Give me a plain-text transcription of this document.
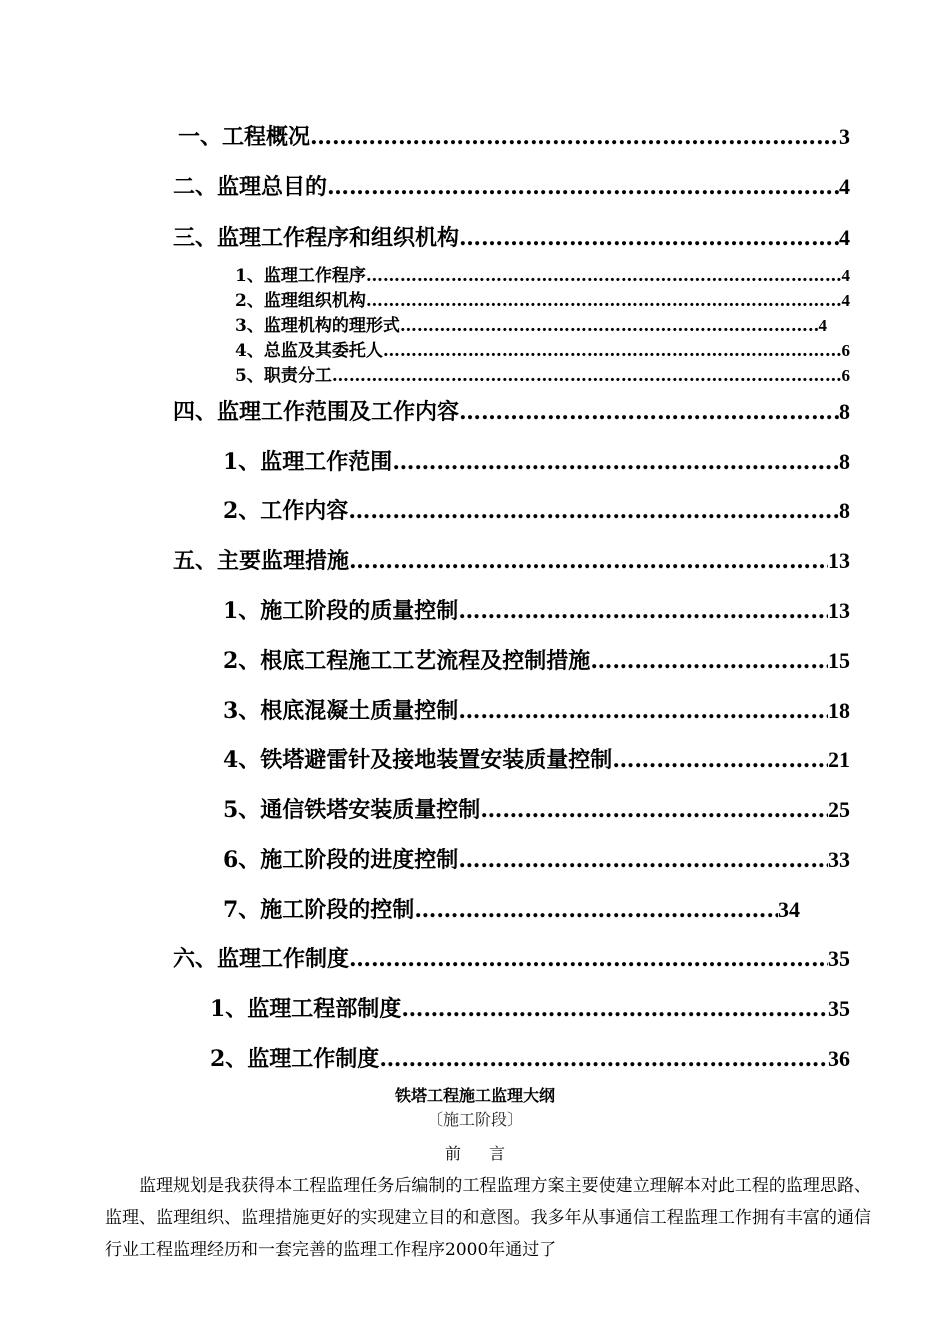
一、工程概况 ……………………………………………………………………………………………………………………………………………………………………………………………………	3
二、监理总目的 ……………………………………………………………………………………………………………………………………………………………………………………………………	4
三、监理工作程序和组织机构 ……………………………………………………………………………………………………………………………………………………………………………………………………	4
1、监理工作程序 ……………………………………………………………………………………………………………………………………………………………………………………………………	4
2、监理组织机构 ……………………………………………………………………………………………………………………………………………………………………………………………………	4
3、监理机构的理形式 ……………………………………………………………………………………………………………………………………………………………………………………………………	4
4、总监及其委托人 ……………………………………………………………………………………………………………………………………………………………………………………………………	6
5、职责分工 ……………………………………………………………………………………………………………………………………………………………………………………………………	6
四、监理工作范围及工作内容 ……………………………………………………………………………………………………………………………………………………………………………………………………	8
1、监理工作范围 ……………………………………………………………………………………………………………………………………………………………………………………………………	8
2、工作内容 ……………………………………………………………………………………………………………………………………………………………………………………………………	8
五、主要监理措施 ……………………………………………………………………………………………………………………………………………………………………………………………………	13
1、施工阶段的质量控制 ……………………………………………………………………………………………………………………………………………………………………………………………………	13
2、根底工程施工工艺流程及控制措施 ……………………………………………………………………………………………………………………………………………………………………………………………………	15
3、根底混凝土质量控制 ……………………………………………………………………………………………………………………………………………………………………………………………………	18
4、铁塔避雷针及接地装置安装质量控制 ……………………………………………………………………………………………………………………………………………………………………………………………………	21
5、通信铁塔安装质量控制 ……………………………………………………………………………………………………………………………………………………………………………………………………	25
6、施工阶段的进度控制 ……………………………………………………………………………………………………………………………………………………………………………………………………	33
7、施工阶段的控制 ……………………………………………………………………………………………………………………………………………………………………………………………………	34
六、监理工作制度 ……………………………………………………………………………………………………………………………………………………………………………………………………	35
1、监理工程部制度 ……………………………………………………………………………………………………………………………………………………………………………………………………	35
2、监理工作制度 ……………………………………………………………………………………………………………………………………………………………………………………………………	36
铁塔工程施工监理大纲
〔施工阶段〕
前言
监理规划是我获得本工程监理任务后编制的工程监理方案主要使建立理解本对此工程的监理思路、监理、监理组织、监理措施更好的实现建立目的和意图。我多年从事通信工程监理工作拥有丰富的通信行业工程监理经历和一套完善的监理工作程序2000年通过了
